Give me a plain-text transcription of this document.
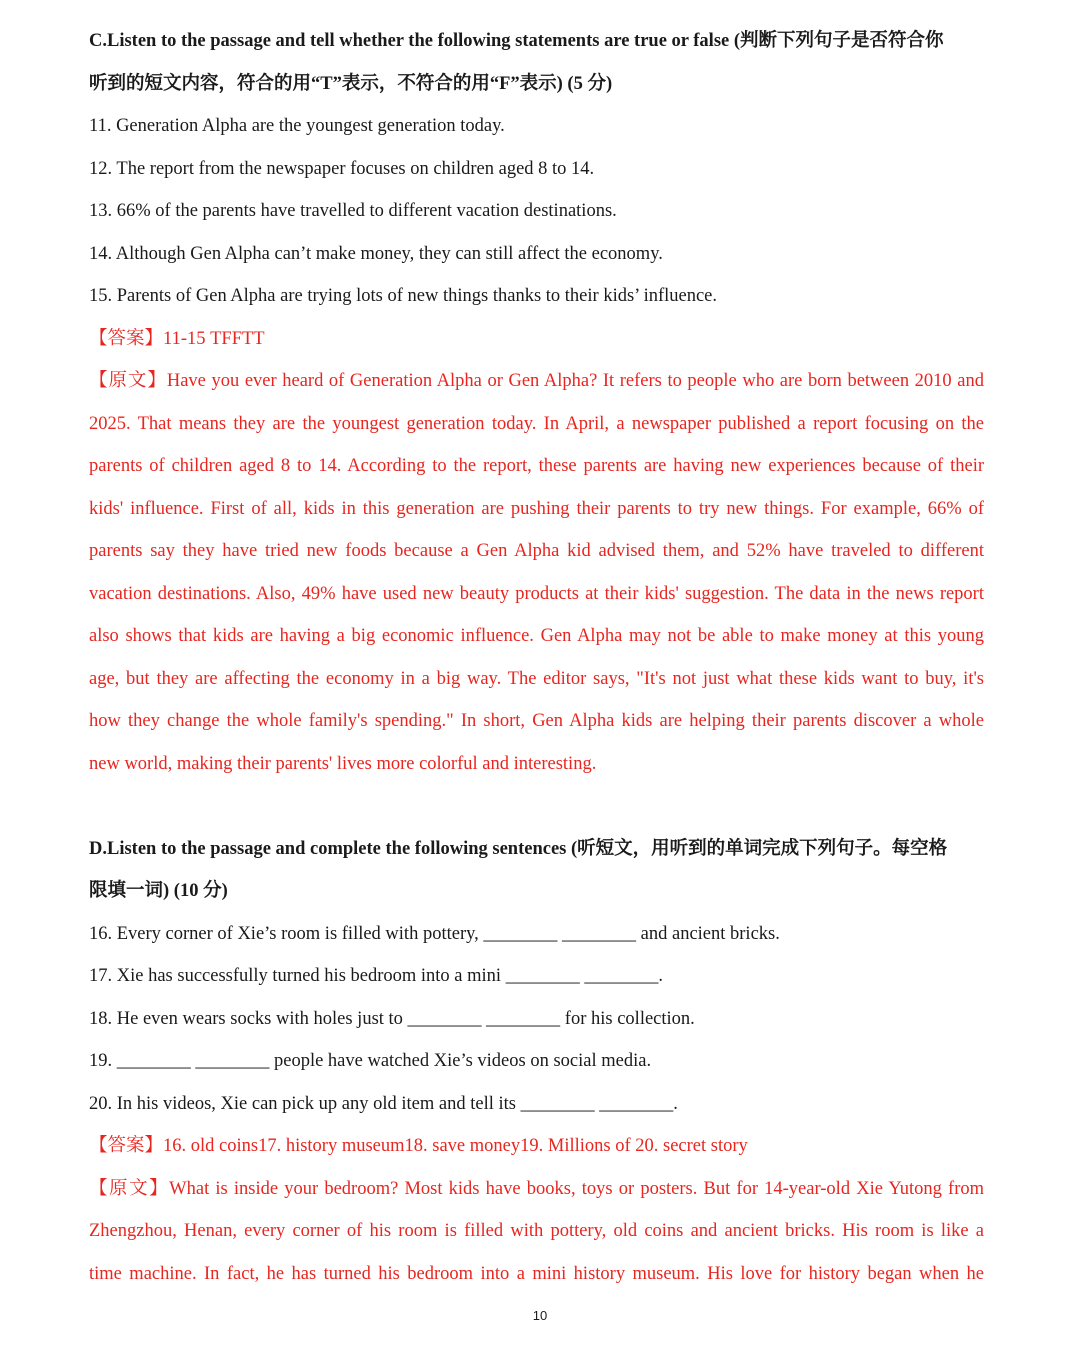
C.Listen to the passage and tell whether the following statements are true or false (判断下列句子是否符合你
听到的短文内容，符合的用“T”表示，不符合的用“F”表示) (5 分)
11. Generation Alpha are the youngest generation today.
12. The report from the newspaper focuses on children aged 8 to 14.
13. 66% of the parents have travelled to different vacation destinations.
14. Although Gen Alpha can’t make money, they can still affect the economy.
15. Parents of Gen Alpha are trying lots of new things thanks to their kids’ influence.
【答案】11-15 TFFTT
【原文】Have you ever heard of Generation Alpha or Gen Alpha? It refers to people who are born between 2010 and
2025. That means they are the youngest generation today. In April, a newspaper published a report focusing on the
parents of children aged 8 to 14. According to the report, these parents are having new experiences because of their
kids' influence. First of all, kids in this generation are pushing their parents to try new things. For example, 66% of
parents say they have tried new foods because a Gen Alpha kid advised them, and 52% have traveled to different
vacation destinations. Also, 49% have used new beauty products at their kids' suggestion. The data in the news report
also shows that kids are having a big economic influence. Gen Alpha may not be able to make money at this young
age, but they are affecting the economy in a big way. The editor says, "It's not just what these kids want to buy, it's
how they change the whole family's spending." In short, Gen Alpha kids are helping their parents discover a whole
new world, making their parents' lives more colorful and interesting.
D.Listen to the passage and complete the following sentences (听短文，用听到的单词完成下列句子。每空格
限填一词) (10 分)
16. Every corner of Xie’s room is filled with pottery, ________ ________ and ancient bricks.
17. Xie has successfully turned his bedroom into a mini ________ ________.
18. He even wears socks with holes just to ________ ________ for his collection.
19. ________ ________ people have watched Xie’s videos on social media.
20. In his videos, Xie can pick up any old item and tell its ________ ________.
【答案】16. old coins17. history museum18. save money19. Millions of 20. secret story
【原文】What is inside your bedroom? Most kids have books, toys or posters. But for 14-year-old Xie Yutong from
Zhengzhou, Henan, every corner of his room is filled with pottery, old coins and ancient bricks. His room is like a
time machine. In fact, he has turned his bedroom into a mini history museum. His love for history began when he
10
